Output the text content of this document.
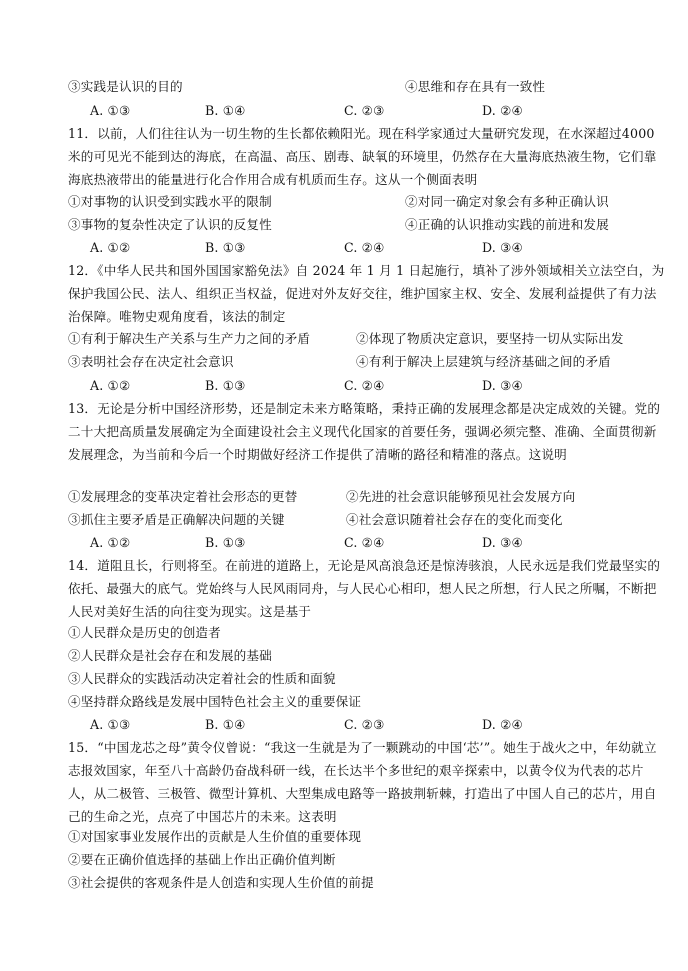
③实践是认识的目的	④思维和存在具有一致性
A. ①③	B. ①④	C. ②③	D. ②④
11．以前，人们往往认为一切生物的生长都依赖阳光。现在科学家通过大量研究发现，在水深超过4000 米的可见光不能到达的海底，在高温、高压、剧毒、缺氧的环境里，仍然存在大量海底热液生物，它们靠海底热液带出的能量进行化合作用合成有机质而生存。这从一个侧面表明
①对事物的认识受到实践水平的限制	②对同一确定对象会有多种正确认识
③事物的复杂性决定了认识的反复性	④正确的认识推动实践的前进和发展
A. ①②	B. ①③	C. ②④	D. ③④
12．《中华人民共和国外国国家豁免法》自 2024 年 1 月 1 日起施行，填补了涉外领域相关立法空白，为保护我国公民、法人、组织正当权益，促进对外友好交往，维护国家主权、安全、发展利益提供了有力法治保障。唯物史观角度看，该法的制定
①有利于解决生产关系与生产力之间的矛盾	②体现了物质决定意识，要坚持一切从实际出发
③表明社会存在决定社会意识	④有利于解决上层建筑与经济基础之间的矛盾
A. ①②	B. ①③	C. ②④	D. ③④
13．无论是分析中国经济形势，还是制定未来方略策略，秉持正确的发展理念都是决定成效的关键。党的二十大把高质量发展确定为全面建设社会主义现代化国家的首要任务，强调必须完整、准确、全面贯彻新发展理念，为当前和今后一个时期做好经济工作提供了清晰的路径和精准的落点。这说明
①发展理念的变革决定着社会形态的更替	②先进的社会意识能够预见社会发展方向
③抓住主要矛盾是正确解决问题的关键	④社会意识随着社会存在的变化而变化
A. ①②	B. ①③	C. ②④	D. ③④
14．道阻且长，行则将至。在前进的道路上，无论是风高浪急还是惊涛骇浪，人民永远是我们党最坚实的依托、最强大的底气。党始终与人民风雨同舟，与人民心心相印，想人民之所想，行人民之所嘱，不断把人民对美好生活的向往变为现实。这是基于
①人民群众是历史的创造者
②人民群众是社会存在和发展的基础
③人民群众的实践活动决定着社会的性质和面貌
④坚持群众路线是发展中国特色社会主义的重要保证
A. ①③	B. ①④	C. ②③	D. ②④
15．“中国龙芯之母”黄令仪曾说：“我这一生就是为了一颗跳动的中国‘芯’”。她生于战火之中，年幼就立志报效国家，年至八十高龄仍奋战科研一线，在长达半个多世纪的艰辛探索中，以黄令仪为代表的芯片人，从二极管、三极管、微型计算机、大型集成电路等一路披荆斩棘，打造出了中国人自己的芯片，用自己的生命之光，点亮了中国芯片的未来。这表明
①对国家事业发展作出的贡献是人生价值的重要体现
②要在正确价值选择的基础上作出正确价值判断
③社会提供的客观条件是人创造和实现人生价值的前提
